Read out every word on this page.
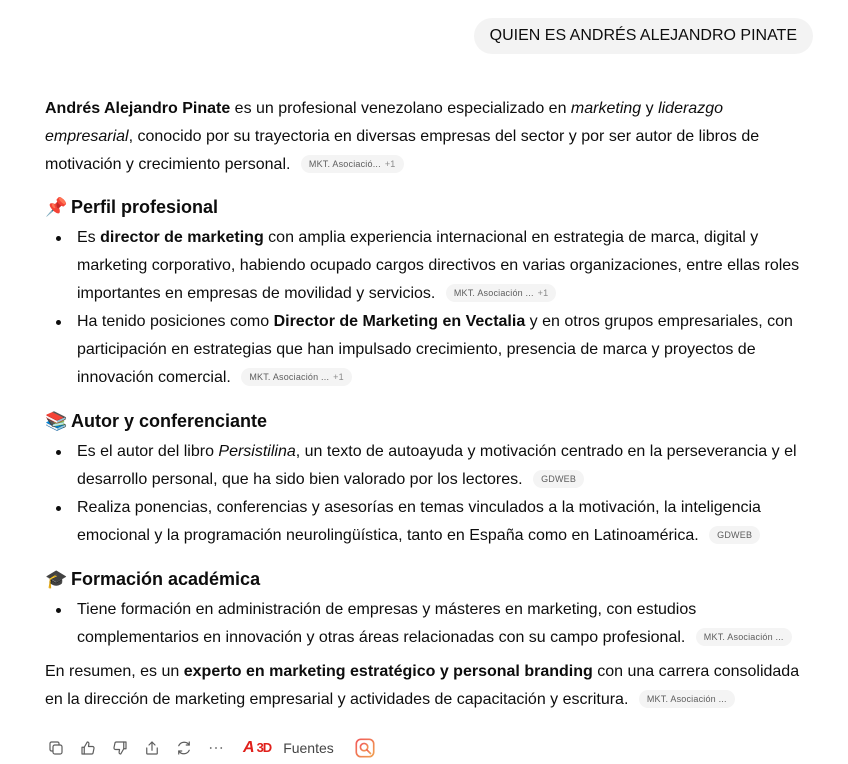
QUIEN ES ANDRÉS ALEJANDRO PINATE

Andrés Alejandro Pinate es un profesional venezolano especializado en marketing y liderazgo empresarial, conocido por su trayectoria en diversas empresas del sector y por ser autor de libros de motivación y crecimiento personal. MKT. Asociació... +1

📌 Perfil profesional
Es director de marketing con amplia experiencia internacional en estrategia de marca, digital y marketing corporativo, habiendo ocupado cargos directivos en varias organizaciones, entre ellas roles importantes en empresas de movilidad y servicios. MKT. Asociación ... +1
Ha tenido posiciones como Director de Marketing en Vectalia y en otros grupos empresariales, con participación en estrategias que han impulsado crecimiento, presencia de marca y proyectos de innovación comercial. MKT. Asociación ... +1
📚 Autor y conferenciante
Es el autor del libro Persistilina, un texto de autoayuda y motivación centrado en la perseverancia y el desarrollo personal, que ha sido bien valorado por los lectores. GDWEB
Realiza ponencias, conferencias y asesorías en temas vinculados a la motivación, la inteligencia emocional y la programación neurolingüística, tanto en España como en Latinoamérica. GDWEB
🎓 Formación académica
Tiene formación en administración de empresas y másteres en marketing, con estudios complementarios en innovación y otras áreas relacionadas con su campo profesional. MKT. Asociación ...

En resumen, es un experto en marketing estratégico y personal branding con una carrera consolidada en la dirección de marketing empresarial y actividades de capacitación y escritura. MKT. Asociación ...

A 3D Fuentes
